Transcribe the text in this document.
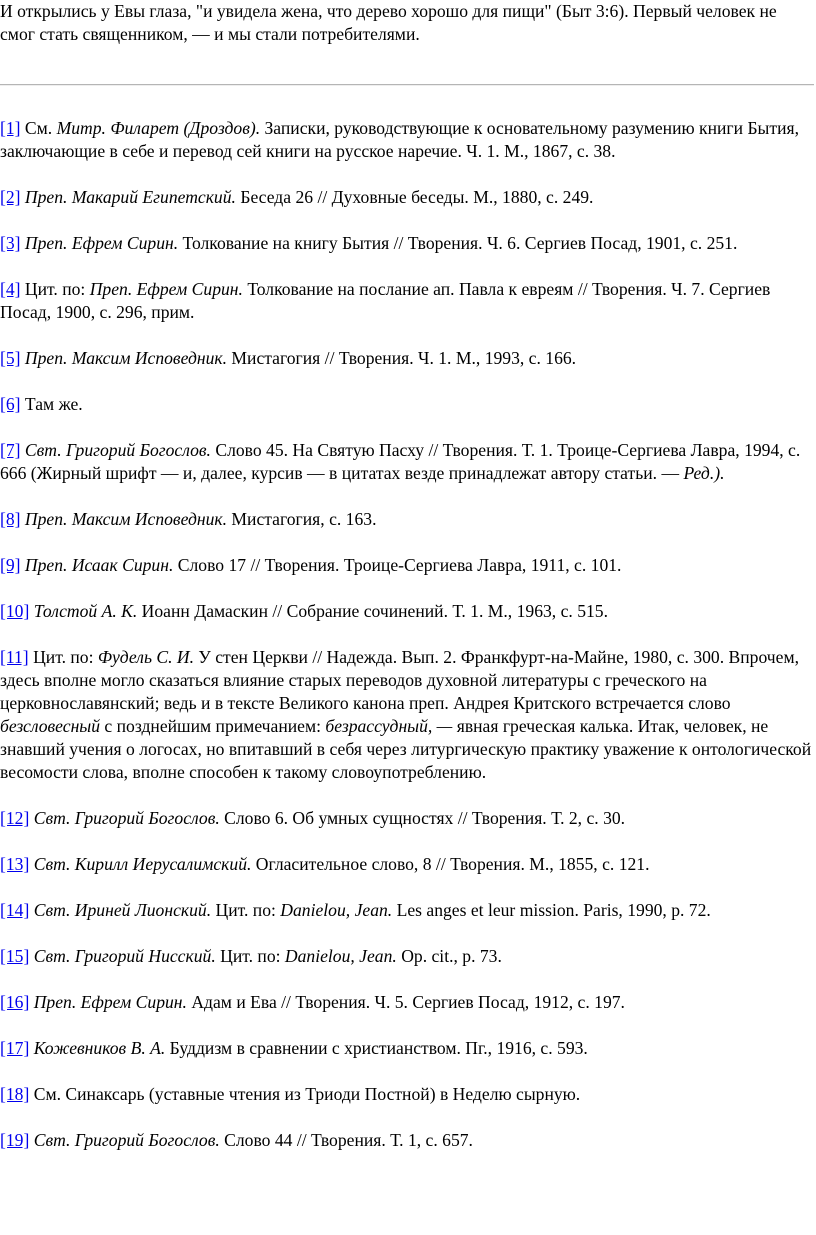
И открылись у Евы глаза, "и увидела жена, что дерево хорошо для пищи" (Быт 3:6). Первый человек не смог стать священником, — и мы стали потребителями.

[1] См. Митр. Филарет (Дроздов). Записки, руководствующие к основательному разумению книги Бытия, заключающие в себе и перевод сей книги на русское наречие. Ч. 1. М., 1867, с. 38.

[2] Преп. Макарий Египетский. Беседа 26 // Духовные беседы. М., 1880, с. 249.

[3] Преп. Ефрем Сирин. Толкование на книгу Бытия // Творения. Ч. 6. Сергиев Посад, 1901, с. 251.

[4] Цит. по: Преп. Ефрем Сирин. Толкование на послание ап. Павла к евреям // Творения. Ч. 7. Сергиев Посад, 1900, с. 296, прим.

[5] Преп. Максим Исповедник. Мистагогия // Творения. Ч. 1. М., 1993, с. 166.

[6] Там же.

[7] Свт. Григорий Богослов. Слово 45. На Святую Пасху // Творения. Т. 1. Троице-Сергиева Лавра, 1994, с. 666 (Жирный шрифт — и, далее, курсив — в цитатах везде принадлежат автору статьи. — Ред.).

[8] Преп. Максим Исповедник. Мистагогия, с. 163.

[9] Преп. Исаак Сирин. Слово 17 // Творения. Троице-Сергиева Лавра, 1911, с. 101.

[10] Толстой А. К. Иоанн Дамаскин // Собрание сочинений. Т. 1. М., 1963, с. 515.

[11] Цит. по: Фудель С. И. У стен Церкви // Надежда. Вып. 2. Франкфурт-на-Майне, 1980, с. 300. Впрочем, здесь вполне могло сказаться влияние старых переводов духовной литературы с греческого на церковнославянский; ведь и в тексте Великого канона преп. Андрея Критского встречается слово безсловесный с позднейшим примечанием: безрассудный, — явная греческая калька. Итак, человек, не знавший учения о логосах, но впитавший в себя через литургическую практику уважение к онтологической весомости слова, вполне способен к такому словоупотреблению.

[12] Свт. Григорий Богослов. Слово 6. Об умных сущностях // Творения. Т. 2, с. 30.

[13] Свт. Кирилл Иерусалимский. Огласительное слово, 8 // Творения. М., 1855, с. 121.

[14] Свт. Ириней Лионский. Цит. по: Danielou, Jean. Les anges et leur mission. Paris, 1990, p. 72.

[15] Свт. Григорий Нисский. Цит. по: Danielou, Jean. Op. cit., p. 73.

[16] Преп. Ефрем Сирин. Адам и Ева // Творения. Ч. 5. Сергиев Посад, 1912, с. 197.

[17] Кожевников В. А. Буддизм в сравнении с христианством. Пг., 1916, с. 593.

[18] См. Синаксарь (уставные чтения из Триоди Постной) в Неделю сырную.

[19] Свт. Григорий Богослов. Слово 44 // Творения. Т. 1, с. 657.
